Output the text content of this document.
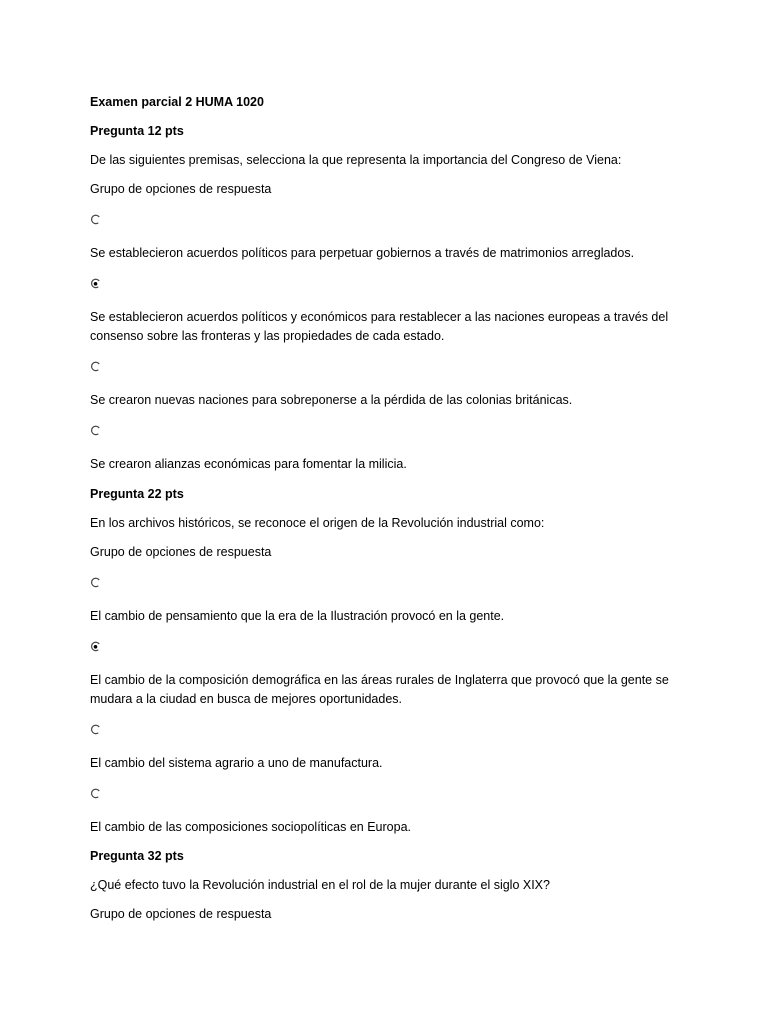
Examen parcial 2 HUMA 1020
Pregunta 12 pts
De las siguientes premisas, selecciona la que representa la importancia del Congreso de Viena:
Grupo de opciones de respuesta
Se establecieron acuerdos políticos para perpetuar gobiernos a través de matrimonios arreglados.
Se establecieron acuerdos políticos y económicos para restablecer a las naciones europeas a través del consenso sobre las fronteras y las propiedades de cada estado.
Se crearon nuevas naciones para sobreponerse a la pérdida de las colonias británicas.
Se crearon alianzas económicas para fomentar la milicia.
Pregunta 22 pts
En los archivos históricos, se reconoce el origen de la Revolución industrial como:
Grupo de opciones de respuesta
El cambio de pensamiento que la era de la Ilustración provocó en la gente.
El cambio de la composición demográfica en las áreas rurales de Inglaterra que provocó que la gente se mudara a la ciudad en busca de mejores oportunidades.
El cambio del sistema agrario a uno de manufactura.
El cambio de las composiciones sociopolíticas en Europa.
Pregunta 32 pts
¿Qué efecto tuvo la Revolución industrial en el rol de la mujer durante el siglo XIX?
Grupo de opciones de respuesta
